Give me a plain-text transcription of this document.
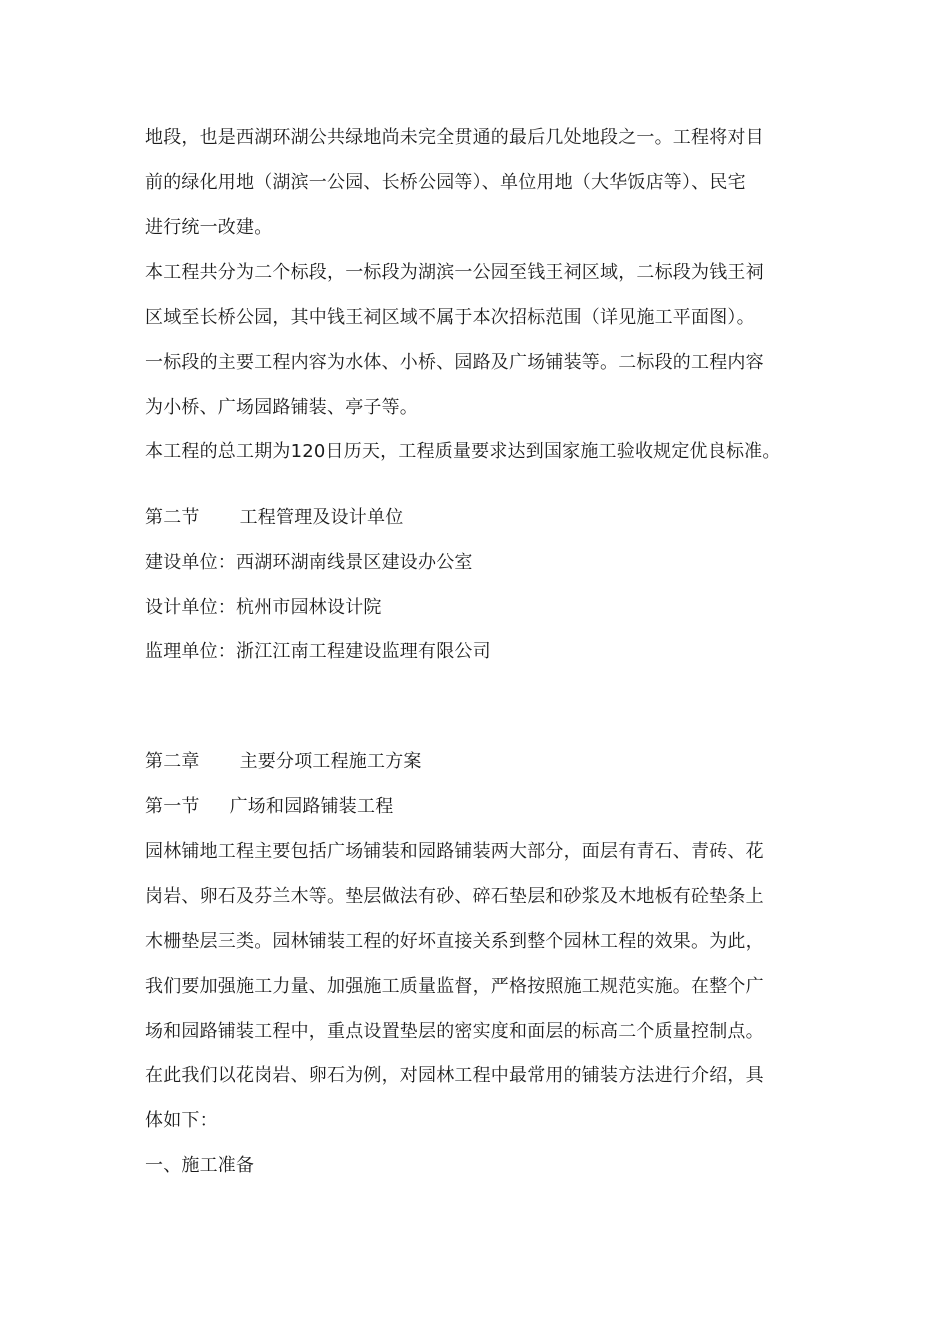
地段，也是西湖环湖公共绿地尚未完全贯通的最后几处地段之一。工程将对目
前的绿化用地（湖滨一公园、长桥公园等）、单位用地（大华饭店等）、民宅
进行统一改建。
本工程共分为二个标段，一标段为湖滨一公园至钱王祠区域，二标段为钱王祠
区域至长桥公园，其中钱王祠区域不属于本次招标范围（详见施工平面图）。
一标段的主要工程内容为水体、小桥、园路及广场铺装等。二标段的工程内容
为小桥、广场园路铺装、亭子等。
本工程的总工期为120日历天，工程质量要求达到国家施工验收规定优良标准。
第二节 工程管理及设计单位
建设单位：西湖环湖南线景区建设办公室
设计单位：杭州市园林设计院
监理单位：浙江江南工程建设监理有限公司
第二章 主要分项工程施工方案
第一节 广场和园路铺装工程
园林铺地工程主要包括广场铺装和园路铺装两大部分，面层有青石、青砖、花
岗岩、卵石及芬兰木等。垫层做法有砂、碎石垫层和砂浆及木地板有砼垫条上
木栅垫层三类。园林铺装工程的好坏直接关系到整个园林工程的效果。为此，
我们要加强施工力量、加强施工质量监督，严格按照施工规范实施。在整个广
场和园路铺装工程中，重点设置垫层的密实度和面层的标高二个质量控制点。
在此我们以花岗岩、卵石为例，对园林工程中最常用的铺装方法进行介绍，具
体如下：
一、施工准备
